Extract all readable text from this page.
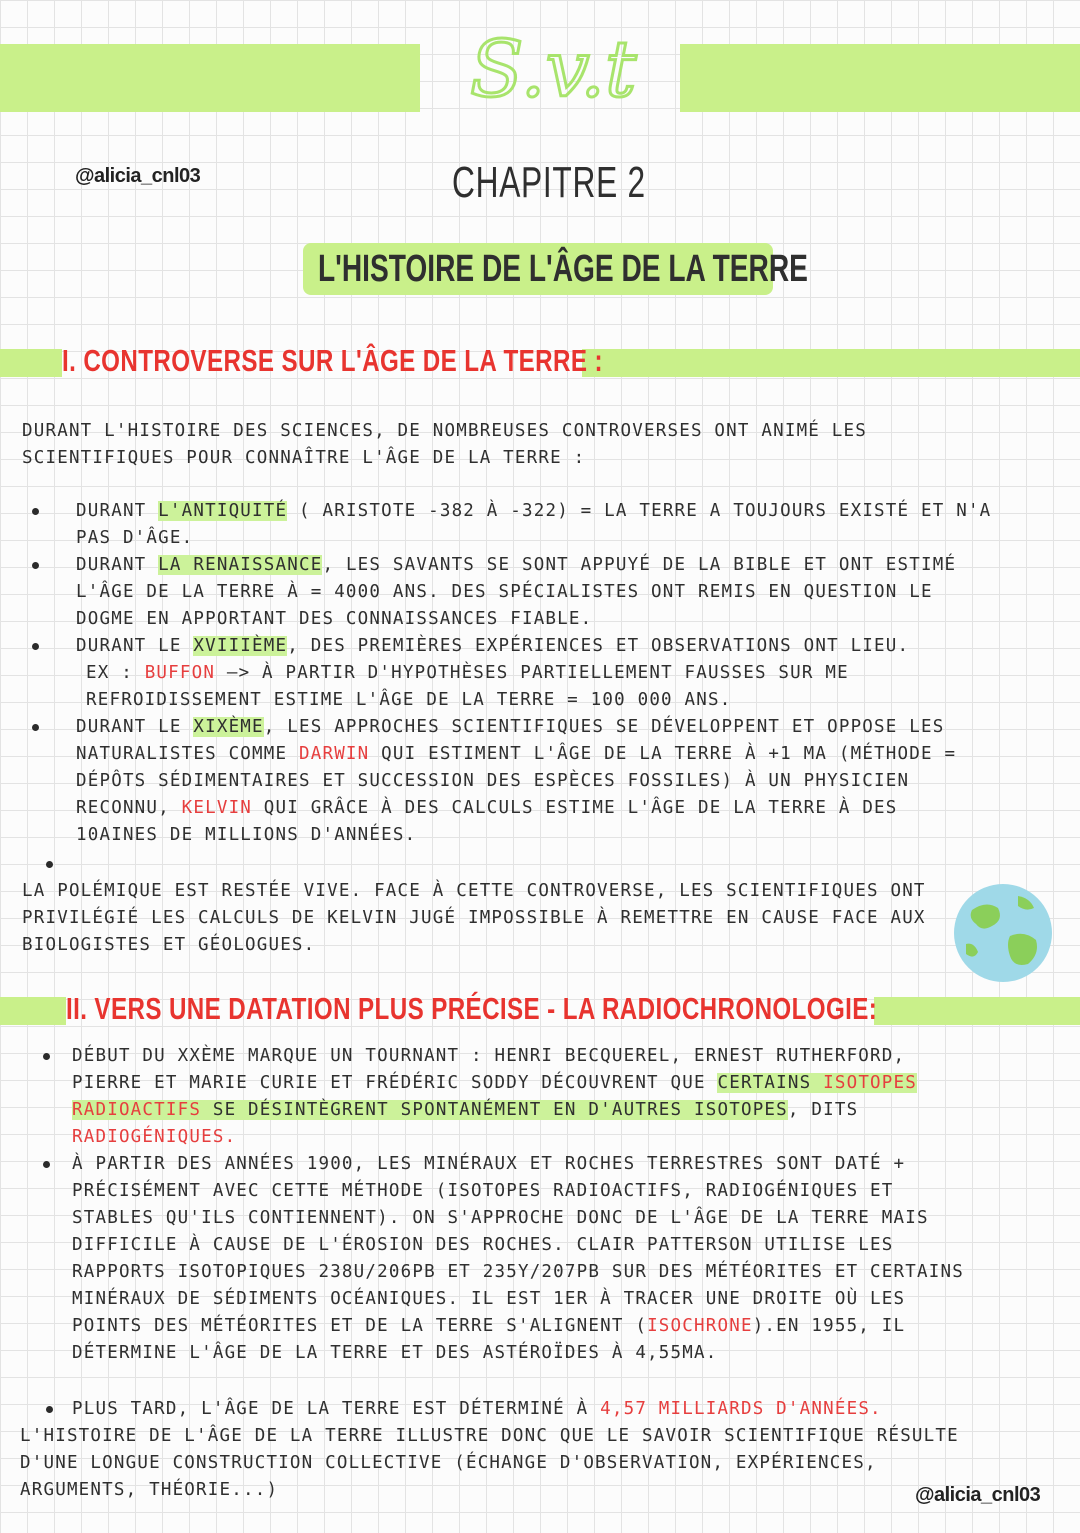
S.v.t
@alicia_cnl03	CHAPITRE 2
L'HISTOIRE DE L'ÂGE DE LA TERRE
I. CONTROVERSE SUR L'ÂGE DE LA TERRE :
DURANT L'HISTOIRE DES SCIENCES, DE NOMBREUSES CONTROVERSES ONT ANIMÉ LES
SCIENTIFIQUES POUR CONNAÎTRE L'ÂGE DE LA TERRE :
DURANT L'ANTIQUITÉ ( ARISTOTE -382 À -322) = LA TERRE A TOUJOURS EXISTÉ ET N'A
PAS D'ÂGE.
DURANT LA RENAISSANCE, LES SAVANTS SE SONT APPUYÉ DE LA BIBLE ET ONT ESTIMÉ
L'ÂGE DE LA TERRE À = 4000 ANS. DES SPÉCIALISTES ONT REMIS EN QUESTION LE
DOGME EN APPORTANT DES CONNAISSANCES FIABLE.
DURANT LE XVIIIÈME, DES PREMIÈRES EXPÉRIENCES ET OBSERVATIONS ONT LIEU.
EX : BUFFON —> À PARTIR D'HYPOTHÈSES PARTIELLEMENT FAUSSES SUR ME
REFROIDISSEMENT ESTIME L'ÂGE DE LA TERRE = 100 000 ANS.
DURANT LE XIXÈME, LES APPROCHES SCIENTIFIQUES SE DÉVELOPPENT ET OPPOSE LES
NATURALISTES COMME DARWIN QUI ESTIMENT L'ÂGE DE LA TERRE À +1 MA (MÉTHODE =
DÉPÔTS SÉDIMENTAIRES ET SUCCESSION DES ESPÈCES FOSSILES) À UN PHYSICIEN
RECONNU, KELVIN QUI GRÂCE À DES CALCULS ESTIME L'ÂGE DE LA TERRE À DES
10AINES DE MILLIONS D'ANNÉES.
LA POLÉMIQUE EST RESTÉE VIVE. FACE À CETTE CONTROVERSE, LES SCIENTIFIQUES ONT
PRIVILÉGIÉ LES CALCULS DE KELVIN JUGÉ IMPOSSIBLE À REMETTRE EN CAUSE FACE AUX
BIOLOGISTES ET GÉOLOGUES.
II. VERS UNE DATATION PLUS PRÉCISE - LA RADIOCHRONOLOGIE:
DÉBUT DU XXÈME MARQUE UN TOURNANT : HENRI BECQUEREL, ERNEST RUTHERFORD,
PIERRE ET MARIE CURIE ET FRÉDÉRIC SODDY DÉCOUVRENT QUE CERTAINS ISOTOPES
RADIOACTIFS SE DÉSINTÈGRENT SPONTANÉMENT EN D'AUTRES ISOTOPES, DITS
RADIOGÉNIQUES.
À PARTIR DES ANNÉES 1900, LES MINÉRAUX ET ROCHES TERRESTRES SONT DATÉ +
PRÉCISÉMENT AVEC CETTE MÉTHODE (ISOTOPES RADIOACTIFS, RADIOGÉNIQUES ET
STABLES QU'ILS CONTIENNENT). ON S'APPROCHE DONC DE L'ÂGE DE LA TERRE MAIS
DIFFICILE À CAUSE DE L'ÉROSION DES ROCHES. CLAIR PATTERSON UTILISE LES
RAPPORTS ISOTOPIQUES 238U/206PB ET 235Y/207PB SUR DES MÉTÉORITES ET CERTAINS
MINÉRAUX DE SÉDIMENTS OCÉANIQUES. IL EST 1ER À TRACER UNE DROITE OÙ LES
POINTS DES MÉTÉORITES ET DE LA TERRE S'ALIGNENT (ISOCHRONE).EN 1955, IL
DÉTERMINE L'ÂGE DE LA TERRE ET DES ASTÉROÏDES À 4,55MA.
PLUS TARD, L'ÂGE DE LA TERRE EST DÉTERMINÉ À 4,57 MILLIARDS D'ANNÉES.
L'HISTOIRE DE L'ÂGE DE LA TERRE ILLUSTRE DONC QUE LE SAVOIR SCIENTIFIQUE RÉSULTE
D'UNE LONGUE CONSTRUCTION COLLECTIVE (ÉCHANGE D'OBSERVATION, EXPÉRIENCES,
ARGUMENTS, THÉORIE...)	@alicia_cnl03
